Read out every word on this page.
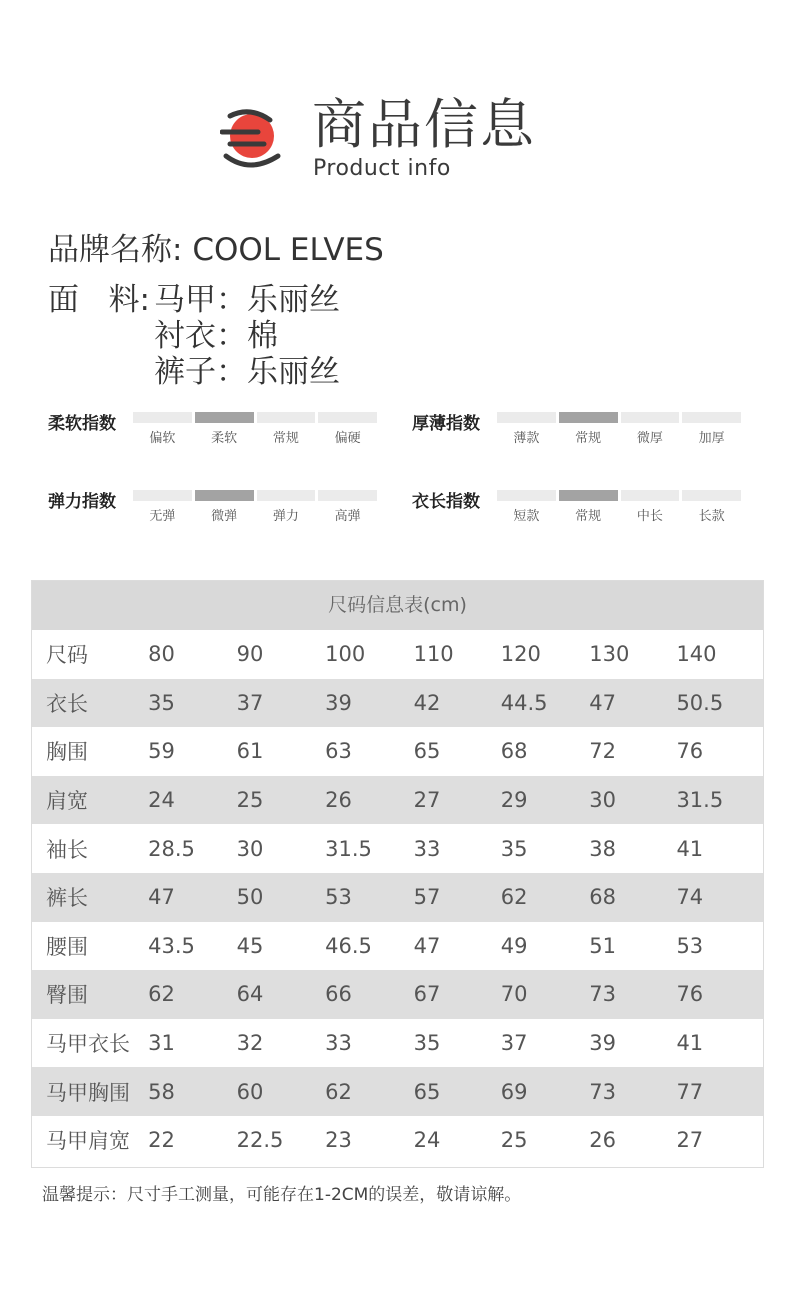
商品信息
Product info
品牌名称: COOL ELVES
面   料: 马甲：乐丽丝
衬衣：棉
裤子：乐丽丝
柔软指数
偏软	柔软	常规	偏硬
厚薄指数
薄款	常规	微厚	加厚
弹力指数
无弹	微弹	弹力	高弹
衣长指数
短款	常规	中长	长款
尺码信息表(cm)
尺码	80	90	100	110	120	130	140
衣长	35	37	39	42	44.5	47	50.5
胸围	59	61	63	65	68	72	76
肩宽	24	25	26	27	29	30	31.5
袖长	28.5	30	31.5	33	35	38	41
裤长	47	50	53	57	62	68	74
腰围	43.5	45	46.5	47	49	51	53
臀围	62	64	66	67	70	73	76
马甲衣长	31	32	33	35	37	39	41
马甲胸围	58	60	62	65	69	73	77
马甲肩宽	22	22.5	23	24	25	26	27
温馨提示：尺寸手工测量，可能存在1-2CM的误差，敬请谅解。
